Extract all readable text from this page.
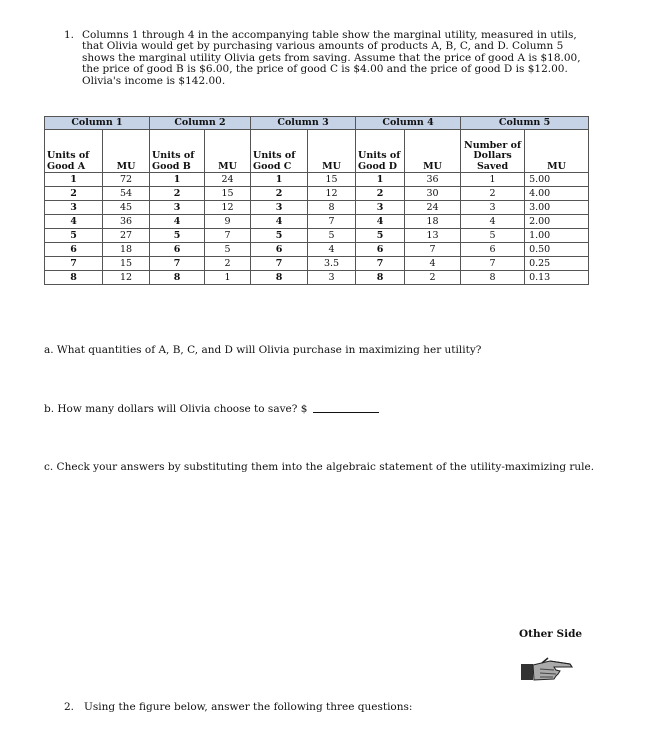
1. Columns 1 through 4 in the accompanying table show the marginal utility, measured in utils, that Olivia would get by purchasing various amounts of products A, B, C, and D. Column 5 shows the marginal utility Olivia gets from saving. Assume that the price of good A is $18.00, the price of good B is $6.00, the price of good C is $4.00 and the price of good D is $12.00. Olivia's income is $142.00.
Column 1		Column 2		Column 3		Column 4		Column 5	
Units of Good A	MU	Units of Good B	MU	Units of Good C	MU	Units of Good D	MU	Number of Dollars Saved	MU
1	72	1	24	1	15	1	36	1	5.00
2	54	2	15	2	12	2	30	2	4.00
3	45	3	12	3	8	3	24	3	3.00
4	36	4	9	4	7	4	18	4	2.00
5	27	5	7	5	5	5	13	5	1.00
6	18	6	5	6	4	6	7	6	0.50
7	15	7	2	7	3.5	7	4	7	0.25
8	12	8	1	8	3	8	2	8	0.13
a. What quantities of A, B, C, and D will Olivia purchase in maximizing her utility?
b. How many dollars will Olivia choose to save? $
c. Check your answers by substituting them into the algebraic statement of the utility-maximizing rule.
Other Side
2. Using the figure below, answer the following three questions:
